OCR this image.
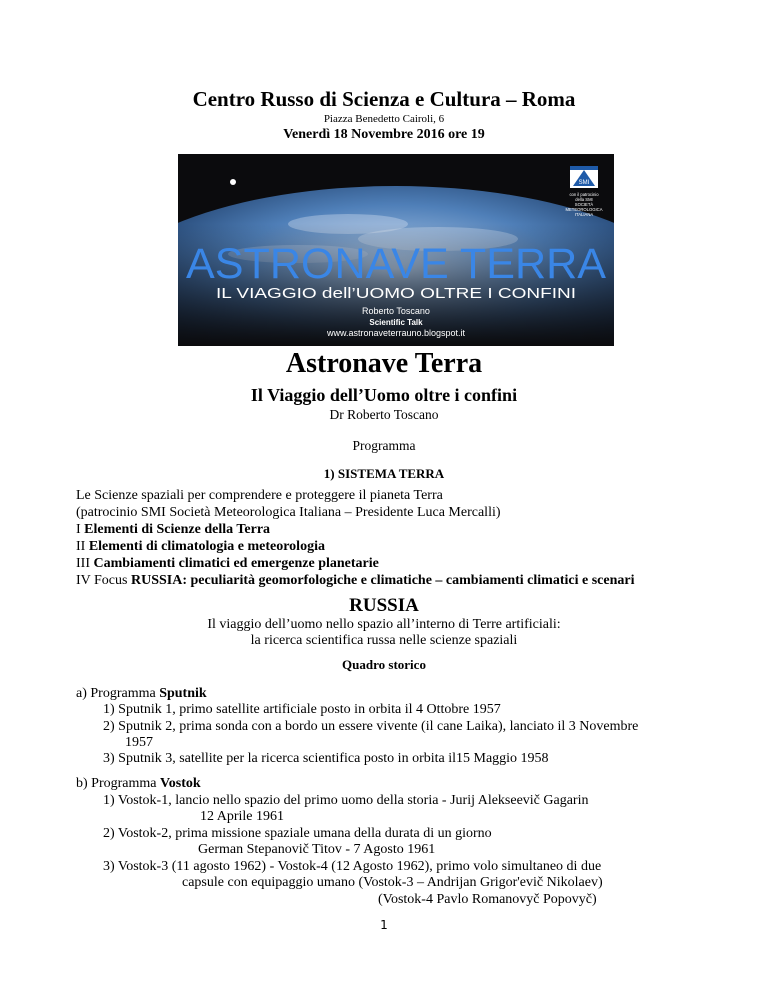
Centro Russo di Scienza e Cultura – Roma
Piazza Benedetto Cairoli, 6
Venerdì 18 Novembre 2016 ore 19
SMI
con il patrocinio
della SMI
SOCIETÀ
METEOROLOGICA
ITALIANA
ASTRONAVE TERRA
IL VIAGGIO dell’UOMO OLTRE I CONFINI
Roberto Toscano
Scientific Talk
www.astronaveterrauno.blogspot.it
Astronave Terra
Il Viaggio dell’Uomo oltre i confini
Dr Roberto Toscano
Programma
1) SISTEMA TERRA
Le Scienze spaziali per comprendere e proteggere il pianeta Terra
(patrocinio SMI Società Meteorologica Italiana – Presidente Luca Mercalli)
I Elementi di Scienze della Terra
II Elementi di climatologia e meteorologia
III Cambiamenti climatici ed emergenze planetarie
IV Focus RUSSIA: peculiarità geomorfologiche e climatiche – cambiamenti climatici e scenari
RUSSIA
Il viaggio dell’uomo nello spazio all’interno di Terre artificiali:
la ricerca scientifica russa nelle scienze spaziali
Quadro storico
a) Programma Sputnik
1) Sputnik 1, primo satellite artificiale posto in orbita il 4 Ottobre 1957
2) Sputnik 2, prima sonda con a bordo un essere vivente (il cane Laika), lanciato il 3 Novembre
1957
3) Sputnik 3, satellite per la ricerca scientifica posto in orbita il15 Maggio 1958
b) Programma Vostok
1) Vostok-1, lancio nello spazio del primo uomo della storia - Jurij Alekseevič Gagarin
12 Aprile 1961
2) Vostok-2, prima missione spaziale umana della durata di un giorno
German Stepanovič Titov - 7 Agosto 1961
3) Vostok-3 (11 agosto 1962) - Vostok-4 (12 Agosto 1962), primo volo simultaneo di due
capsule con equipaggio umano (Vostok-3 – Andrijan Grigor'evič Nikolaev)
(Vostok-4 Pavlo Romanovyč Popovyč)
1
